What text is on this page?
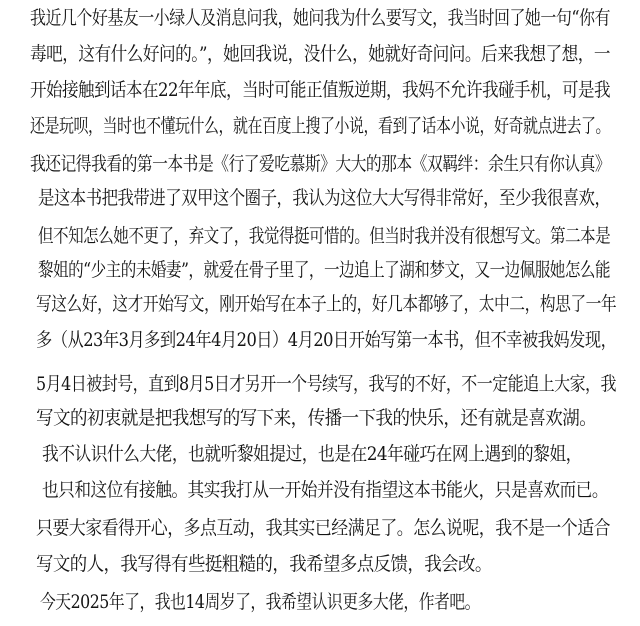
我近几个好基友一小绿人及消息问我，她问我为什么要写文，我当时回了她一句“你有
毒吧，这有什么好问的。”，她回我说，没什么，她就好奇问问。后来我想了想，一
开始接触到话本在22年年底，当时可能正值叛逆期，我妈不允许我碰手机，可是我
还是玩呗，当时也不懂玩什么，就在百度上搜了小说，看到了话本小说，好奇就点进去了。
我还记得我看的第一本书是《行了爱吃慕斯》大大的那本《双羁绊：余生只有你认真》
是这本书把我带进了双甲这个圈子，我认为这位大大写得非常好，至少我很喜欢，
但不知怎么她不更了，弃文了，我觉得挺可惜的。但当时我并没有很想写文。第二本是
黎姐的“少主的未婚妻”，就爱在骨子里了，一边追上了湖和梦文，又一边佩服她怎么能
写这么好，这才开始写文，刚开始写在本子上的，好几本都够了，太中二，构思了一年
多（从23年3月多到24年4月20日）4月20日开始写第一本书，但不幸被我妈发现，
5月4日被封号，直到8月5日才另开一个号续写，我写的不好，不一定能追上大家，我
写文的初衷就是把我想写的写下来，传播一下我的快乐，还有就是喜欢湖。
我不认识什么大佬，也就听黎姐提过，也是在24年碰巧在网上遇到的黎姐，
也只和这位有接触。其实我打从一开始并没有指望这本书能火，只是喜欢而已。
只要大家看得开心，多点互动，我其实已经满足了。怎么说呢，我不是一个适合
写文的人，我写得有些挺粗糙的，我希望多点反馈，我会改。
今天2025年了，我也14周岁了，我希望认识更多大佬，作者吧。
